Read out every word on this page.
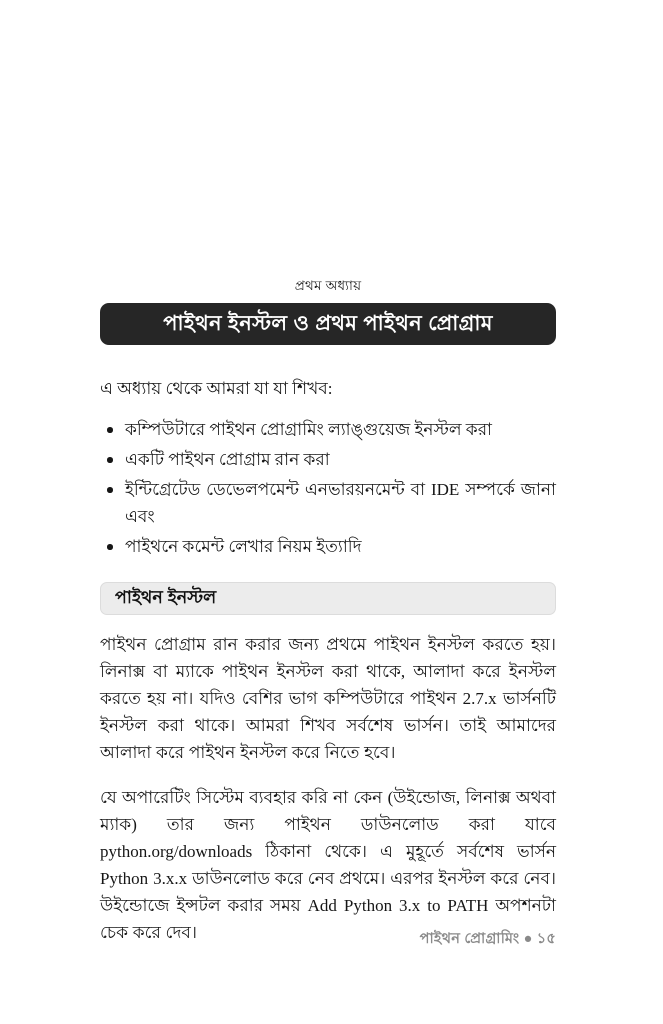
প্রথম অধ্যায়
পাইথন ইনস্টল ও প্রথম পাইথন প্রোগ্রাম

এ অধ্যায় থেকে আমরা যা যা শিখব:

কম্পিউটারে পাইথন প্রোগ্রামিং ল্যাঙ্গুয়েজ ইনস্টল করা
একটি পাইথন প্রোগ্রাম রান করা
ইন্টিগ্রেটেড ডেভেলপমেন্ট এনভারয়নমেন্ট বা IDE সম্পর্কে জানা এবং
পাইথনে কমেন্ট লেখার নিয়ম ইত্যাদি
পাইথন ইনস্টল

পাইথন প্রোগ্রাম রান করার জন্য প্রথমে পাইথন ইনস্টল করতে হয়। লিনাক্স বা ম্যাকে পাইথন ইনস্টল করা থাকে, আলাদা করে ইনস্টল করতে হয় না। যদিও বেশির ভাগ কম্পিউটারে পাইথন 2.7.x ভার্সনটি ইনস্টল করা থাকে। আমরা শিখব সর্বশেষ ভার্সন। তাই আমাদের আলাদা করে পাইথন ইনস্টল করে নিতে হবে।

যে অপারেটিং সিস্টেম ব্যবহার করি না কেন (উইন্ডোজ, লিনাক্স অথবা ম্যাক) তার জন্য পাইথন ডাউনলোড করা যাবে python.org/downloads ঠিকানা থেকে। এ মুহূর্তে সর্বশেষ ভার্সন Python 3.x.x ডাউনলোড করে নেব প্রথমে। এরপর ইনস্টল করে নেব। উইন্ডোজে ইন্সটল করার সময় Add Python 3.x to PATH অপশনটা চেক করে দেব।	পাইথন প্রোগ্রামিং ● ১৫
